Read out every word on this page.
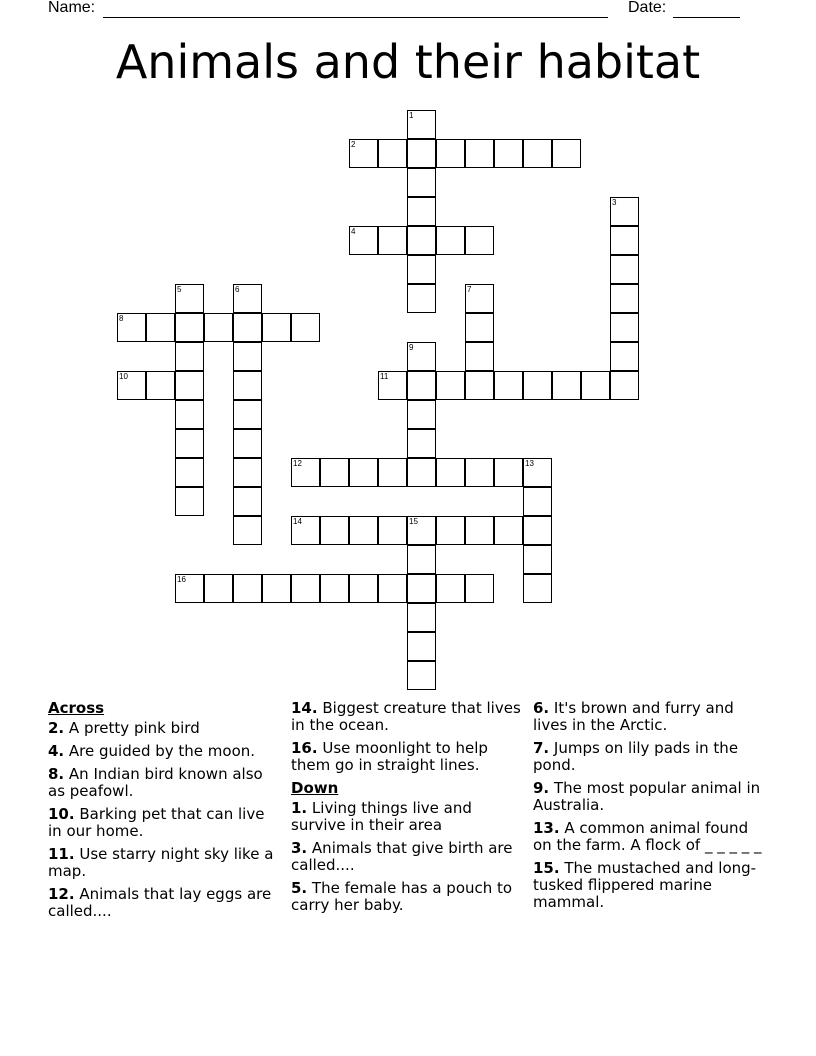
Name:	Date:
Animals and their habitat
1
2
3
4
5	6	7
8
9
10	11
12	13
14	15
16
Across
2. A pretty pink bird
4. Are guided by the moon.
8. An Indian bird known also as peafowl.
10. Barking pet that can live in our home.
11. Use starry night sky like a map.
12. Animals that lay eggs are called....
14. Biggest creature that lives in the ocean.
16. Use moonlight to help them go in straight lines.
Down
1. Living things live and survive in their area
3. Animals that give birth are called....
5. The female has a pouch to carry her baby.
6. It's brown and furry and lives in the Arctic.
7. Jumps on lily pads in the pond.
9. The most popular animal in Australia.
13. A common animal found on the farm. A flock of _ _ _ _ _
15. The mustached and long-tusked flippered marine mammal.
